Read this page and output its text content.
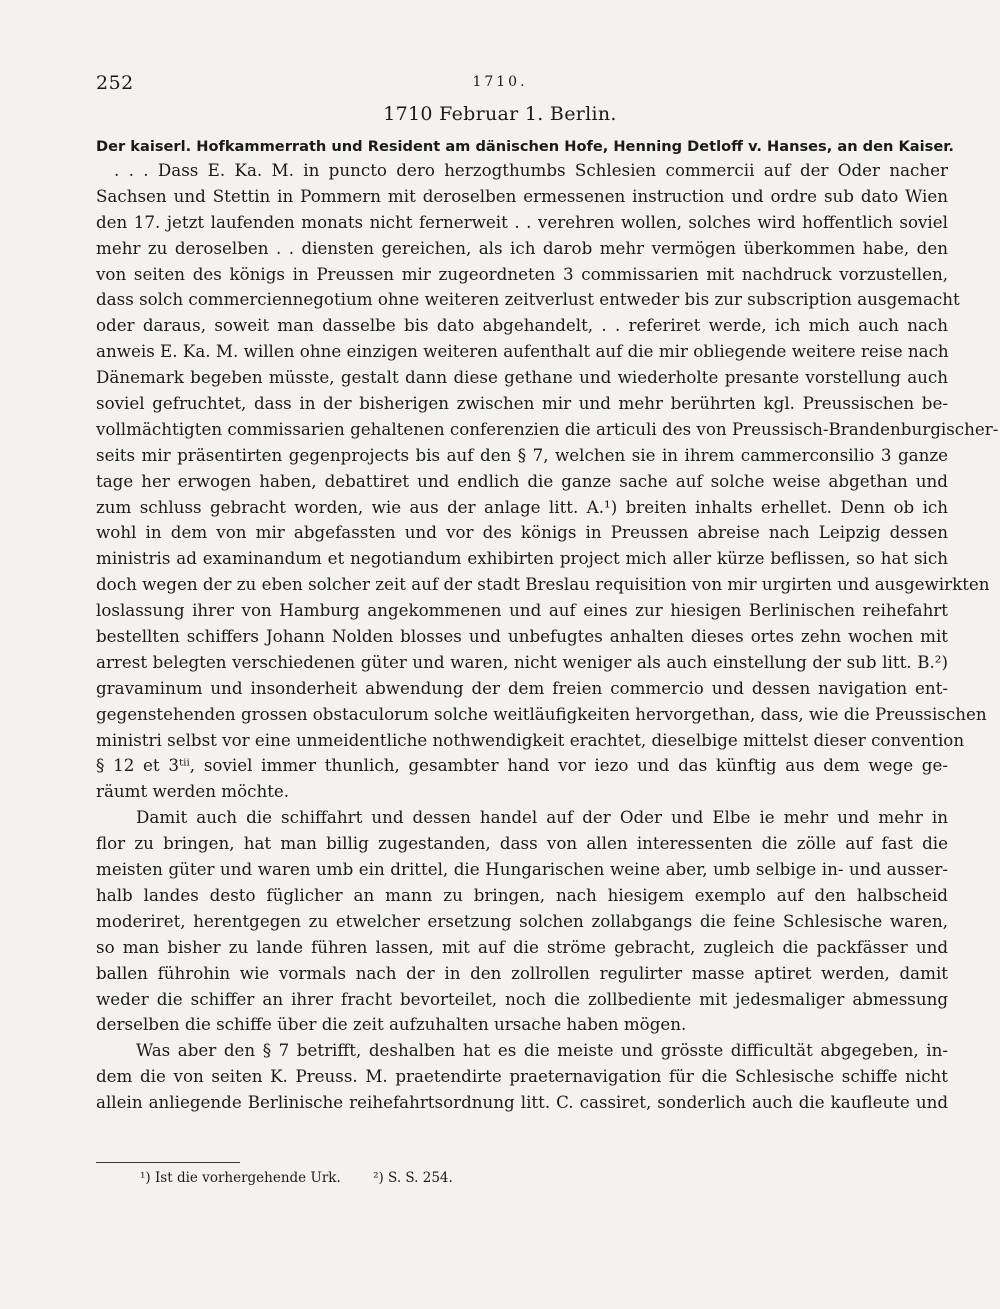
252	1710.
1710 Februar 1. Berlin.
Der kaiserl. Hofkammerrath und Resident am dänischen Hofe, Henning Detloff v. Hanses, an den Kaiser.
. . . Dass E. Ka. M. in puncto dero herzogthumbs Schlesien commercii auf der Oder nacher
Sachsen und Stettin in Pommern mit deroselben ermessenen instruction und ordre sub dato Wien
den 17. jetzt laufenden monats nicht fernerweit . . verehren wollen, solches wird hoffentlich soviel
mehr zu deroselben . . diensten gereichen, als ich darob mehr vermögen überkommen habe, den
von seiten des königs in Preussen mir zugeordneten 3 commissarien mit nachdruck vorzustellen,
dass solch commerciennegotium ohne weiteren zeitverlust entweder bis zur subscription ausgemacht
oder daraus, soweit man dasselbe bis dato abgehandelt, . . referiret werde, ich mich auch nach
anweis E. Ka. M. willen ohne einzigen weiteren aufenthalt auf die mir obliegende weitere reise nach
Dänemark begeben müsste, gestalt dann diese gethane und wiederholte presante vorstellung auch
soviel gefruchtet, dass in der bisherigen zwischen mir und mehr berührten kgl. Preussischen be-
vollmächtigten commissarien gehaltenen conferenzien die articuli des von Preussisch-Brandenburgischer-
seits mir präsentirten gegenprojects bis auf den § 7, welchen sie in ihrem cammerconsilio 3 ganze
tage her erwogen haben, debattiret und endlich die ganze sache auf solche weise abgethan und
zum schluss gebracht worden, wie aus der anlage litt. A.¹) breiten inhalts erhellet. Denn ob ich
wohl in dem von mir abgefassten und vor des königs in Preussen abreise nach Leipzig dessen
ministris ad examinandum et negotiandum exhibirten project mich aller kürze beflissen, so hat sich
doch wegen der zu eben solcher zeit auf der stadt Breslau requisition von mir urgirten und ausgewirkten
loslassung ihrer von Hamburg angekommenen und auf eines zur hiesigen Berlinischen reihefahrt
bestellten schiffers Johann Nolden blosses und unbefugtes anhalten dieses ortes zehn wochen mit
arrest belegten verschiedenen güter und waren, nicht weniger als auch einstellung der sub litt. B.²)
gravaminum und insonderheit abwendung der dem freien commercio und dessen navigation ent-
gegenstehenden grossen obstaculorum solche weitläufigkeiten hervorgethan, dass, wie die Preussischen
ministri selbst vor eine unmeidentliche nothwendigkeit erachtet, dieselbige mittelst dieser convention
§ 12 et 3ᵗⁱⁱ, soviel immer thunlich, gesambter hand vor iezo und das künftig aus dem wege ge-
räumt werden möchte.
Damit auch die schiffahrt und dessen handel auf der Oder und Elbe ie mehr und mehr in
flor zu bringen, hat man billig zugestanden, dass von allen interessenten die zölle auf fast die
meisten güter und waren umb ein drittel, die Hungarischen weine aber, umb selbige in- und ausser-
halb landes desto füglicher an mann zu bringen, nach hiesigem exemplo auf den halbscheid
moderiret, herentgegen zu etwelcher ersetzung solchen zollabgangs die feine Schlesische waren,
so man bisher zu lande führen lassen, mit auf die ströme gebracht, zugleich die packfässer und
ballen führohin wie vormals nach der in den zollrollen regulirter masse aptiret werden, damit
weder die schiffer an ihrer fracht bevorteilet, noch die zollbediente mit jedesmaliger abmessung
derselben die schiffe über die zeit aufzuhalten ursache haben mögen.
Was aber den § 7 betrifft, deshalben hat es die meiste und grösste difficultät abgegeben, in-
dem die von seiten K. Preuss. M. praetendirte praeternavigation für die Schlesische schiffe nicht
allein anliegende Berlinische reihefahrtsordnung litt. C. cassiret, sonderlich auch die kaufleute und
¹) Ist die vorhergehende Urk. ²) S. S. 254.
